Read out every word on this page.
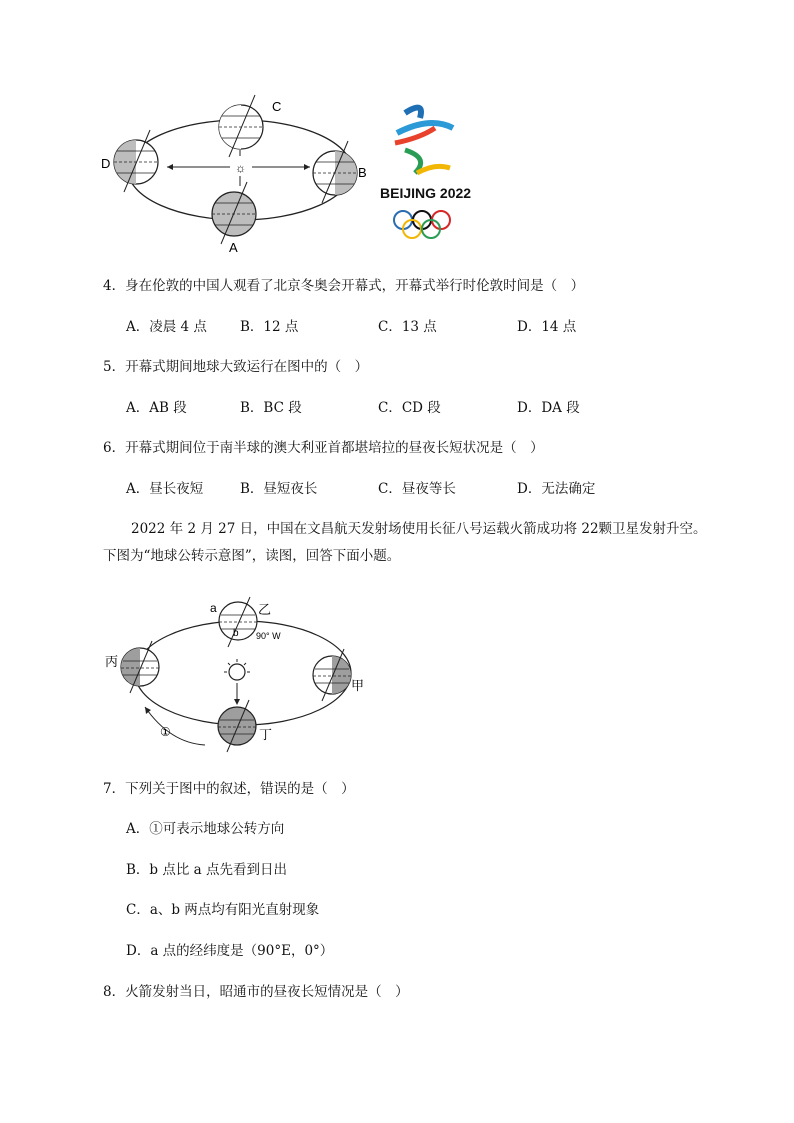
C
D
B
A
☼
BEIJING 2022
4．身在伦敦的中国人观看了北京冬奥会开幕式，开幕式举行时伦敦时间是（　）
A．凌晨 4 点 B．12 点	C．13 点	D．14 点
5．开幕式期间地球大致运行在图中的（　）
A．AB 段	B．BC 段	C．CD 段	D．DA 段
6．开幕式期间位于南半球的澳大利亚首都堪培拉的昼夜长短状况是（　）
A．昼长夜短	B．昼短夜长	C．昼夜等长	D．无法确定
2022 年 2 月 27 日，中国在文昌航天发射场使用长征八号运载火箭成功将 22颗卫星发射升空。
下图为“地球公转示意图”，读图，回答下面小题。
a
b
乙
90° W
丙
甲
丁
①
7．下列关于图中的叙述，错误的是（　）
A．①可表示地球公转方向
B．b 点比 a 点先看到日出
C．a、b 两点均有阳光直射现象
D．a 点的经纬度是（90°E，0°）
8．火箭发射当日，昭通市的昼夜长短情况是（　）
